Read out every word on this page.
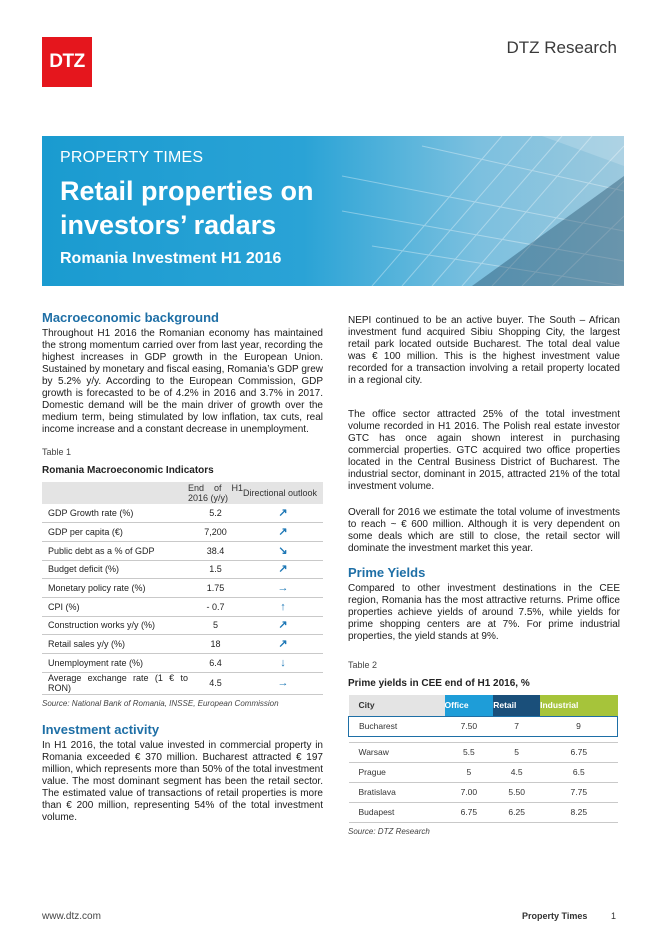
DTZ
DTZ Research
PROPERTY TIMES
Retail properties on investors’ radars
Romania Investment H1 2016
Macroeconomic background

Throughout H1 2016 the Romanian economy has maintained the strong momentum carried over from last year, recording the highest increases in GDP growth in the European Union. Sustained by monetary and fiscal easing, Romania’s GDP grew by 5.2% y/y. According to the European Commission, GDP growth is forecasted to be of 4.2% in 2016 and 3.7% in 2017. Domestic demand will be the main driver of growth over the medium term, being stimulated by low inflation, tax cuts, real income increase and a constant decrease in unemployment.

Table 1
Romania Macroeconomic Indicators
	End of H1 2016 (y/y)	Directional outlook
GDP Growth rate (%)	5.2	↗
GDP per capita (€)	7,200	↗
Public debt as a % of GDP	38.4	↘
Budget deficit (%)	1.5	↗
Monetary policy rate (%)	1.75	→
CPI (%)	- 0.7	↑
Construction works y/y (%)	5	↗
Retail sales y/y (%)	18	↗
Unemployment rate (%)	6.4	↓
Average exchange rate (1 € to RON)	4.5	→
Source: National Bank of Romania, INSSE, European Commission
Investment activity

In H1 2016, the total value invested in commercial property in Romania exceeded € 370 million. Bucharest attracted € 197 million, which represents more than 50% of the total investment value. The most dominant segment has been the retail sector. The estimated value of transactions of retail properties is more than € 200 million, representing 54% of the total investment volume.

NEPI continued to be an active buyer. The South – African investment fund acquired Sibiu Shopping City, the largest retail park located outside Bucharest. The total deal value was € 100 million. This is the highest investment value recorded for a transaction involving a retail property located in a regional city.

The office sector attracted 25% of the total investment volume recorded in H1 2016. The Polish real estate investor GTC has once again shown interest in purchasing commercial properties. GTC acquired two office properties located in the Central Business District of Bucharest. The industrial sector, dominant in 2015, attracted 21% of the total investment volume.

Overall for 2016 we estimate the total volume of investments to reach ~ € 600 million. Although it is very dependent on some deals which are still to close, the retail sector will dominate the investment market this year.

Prime Yields

Compared to other investment destinations in the CEE region, Romania has the most attractive returns. Prime office properties achieve yields of around 7.5%, while yields for prime shopping centers are at 7%. For prime industrial properties, the yield stands at 9%.

Table 2
Prime yields in CEE end of H1 2016, %
City	Office	Retail	Industrial
Bucharest	7.50	7	9

Warsaw	5.5	5	6.75
Prague	5	4.5	6.5
Bratislava	7.00	5.50	7.75
Budapest	6.75	6.25	8.25
Source: DTZ Research
www.dtz.com	Property Times	1
